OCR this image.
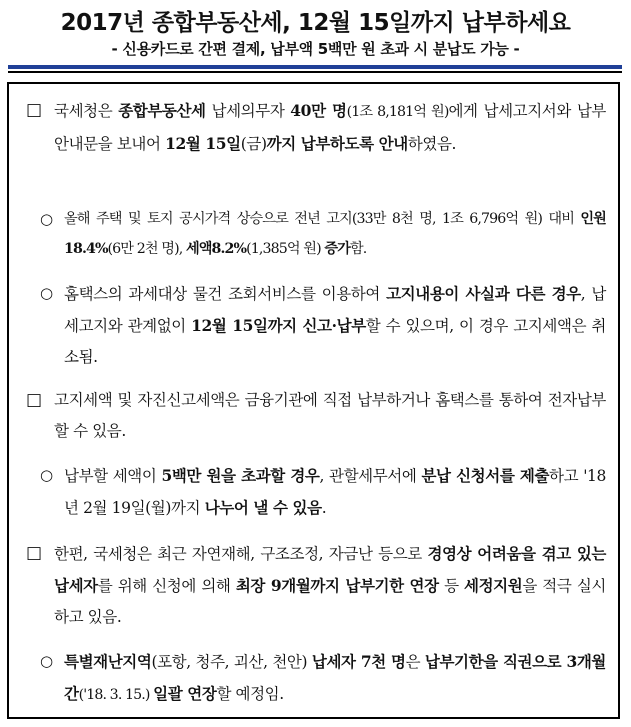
2017년 종합부동산세, 12월 15일까지 납부하세요
- 신용카드로 간편 결제, 납부액 5백만 원 초과 시 분납도 가능 -
□ 국세청은 종합부동산세 납세의무자 40만 명(1조 8,181억 원)에게 납세고지서와 납부안내문을 보내어 12월 15일(금)까지 납부하도록 안내하였음.
○ 올해 주택 및 토지 공시가격 상승으로 전년 고지(33만 8천 명, 1조 6,796억 원) 대비 인원18.4%(6만 2천 명), 세액8.2%(1,385억 원) 증가함.
○ 홈택스의 과세대상 물건 조회서비스를 이용하여 고지내용이 사실과 다른 경우, 납세고지와 관계없이 12월 15일까지 신고·납부할 수 있으며, 이 경우 고지세액은 취소됨.
□ 고지세액 및 자진신고세액은 금융기관에 직접 납부하거나 홈택스를 통하여 전자납부할 수 있음.
○ 납부할 세액이 5백만 원을 초과할 경우, 관할세무서에 분납 신청서를 제출하고 '18년 2월 19일(월)까지 나누어 낼 수 있음.
□ 한편, 국세청은 최근 자연재해, 구조조정, 자금난 등으로 경영상 어려움을 겪고 있는 납세자를 위해 신청에 의해 최장 9개월까지 납부기한 연장 등 세정지원을 적극 실시하고 있음.
○ 특별재난지역(포항, 청주, 괴산, 천안) 납세자 7천 명은 납부기한을 직권으로 3개월간('18. 3. 15.) 일괄 연장할 예정임.
